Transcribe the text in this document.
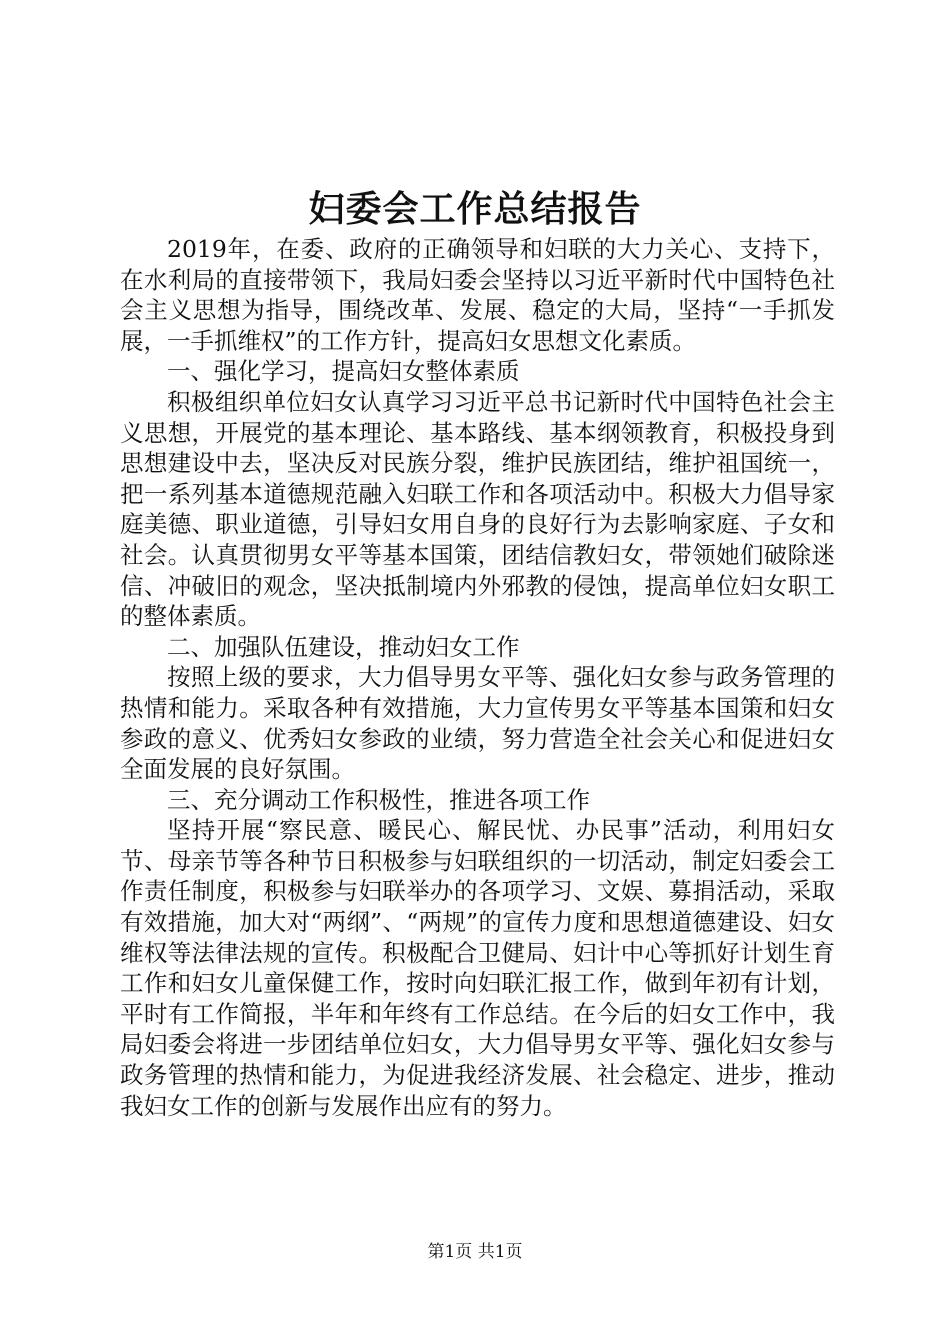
妇委会工作总结报告

2019年，在委、政府的正确领导和妇联的大力关心、支持下，在水利局的直接带领下，我局妇委会坚持以习近平新时代中国特色社会主义思想为指导，围绕改革、发展、稳定的大局，坚持“一手抓发展，一手抓维权”的工作方针，提高妇女思想文化素质。

一、强化学习，提高妇女整体素质

积极组织单位妇女认真学习习近平总书记新时代中国特色社会主义思想，开展党的基本理论、基本路线、基本纲领教育，积极投身到思想建设中去，坚决反对民族分裂，维护民族团结，维护祖国统一，把一系列基本道德规范融入妇联工作和各项活动中。积极大力倡导家庭美德、职业道德，引导妇女用自身的良好行为去影响家庭、子女和社会。认真贯彻男女平等基本国策，团结信教妇女，带领她们破除迷信、冲破旧的观念，坚决抵制境内外邪教的侵蚀，提高单位妇女职工的整体素质。

二、加强队伍建设，推动妇女工作

按照上级的要求，大力倡导男女平等、强化妇女参与政务管理的热情和能力。采取各种有效措施，大力宣传男女平等基本国策和妇女参政的意义、优秀妇女参政的业绩，努力营造全社会关心和促进妇女全面发展的良好氛围。

三、充分调动工作积极性，推进各项工作

坚持开展“察民意、暖民心、解民忧、办民事”活动，利用妇女节、母亲节等各种节日积极参与妇联组织的一切活动，制定妇委会工作责任制度，积极参与妇联举办的各项学习、文娱、募捐活动，采取有效措施，加大对“两纲”、“两规”的宣传力度和思想道德建设、妇女维权等法律法规的宣传。积极配合卫健局、妇计中心等抓好计划生育工作和妇女儿童保健工作，按时向妇联汇报工作，做到年初有计划，平时有工作简报，半年和年终有工作总结。在今后的妇女工作中，我局妇委会将进一步团结单位妇女，大力倡导男女平等、强化妇女参与政务管理的热情和能力，为促进我经济发展、社会稳定、进步，推动我妇女工作的创新与发展作出应有的努力。

第1页 共1页
